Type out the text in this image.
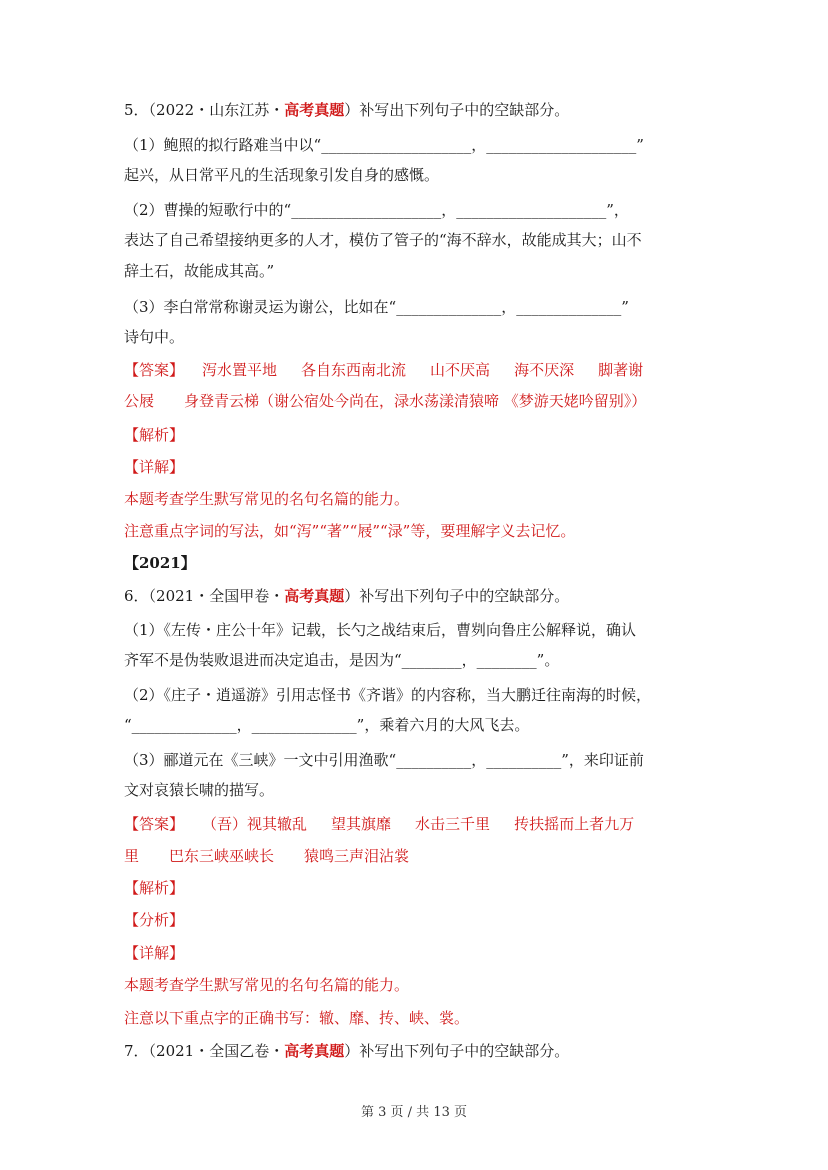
5．（2022・山东江苏・高考真题）补写出下列句子中的空缺部分。
（1）鲍照的拟行路难当中以“____________________，____________________”
起兴，从日常平凡的生活现象引发自身的感慨。
（2）曹操的短歌行中的“____________________，____________________”，
表达了自己希望接纳更多的人才，模仿了管子的“海不辞水，故能成其大；山不
辞土石，故能成其高。”
（3）李白常常称谢灵运为谢公，比如在“______________，______________”
诗句中。
【答案】 泻水置平地 各自东西南北流 山不厌高 海不厌深 脚著谢
公屐　　身登青云梯（谢公宿处今尚在，渌水荡漾清猿啼 《梦游天姥吟留别》）
【解析】
【详解】
本题考查学生默写常见的名句名篇的能力。
注意重点字词的写法，如“泻”“著”“屐”“渌”等，要理解字义去记忆。
【2021】
6．（2021・全国甲卷・高考真题）补写出下列句子中的空缺部分。
（1）《左传・庄公十年》记载，长勺之战结束后，曹刿向鲁庄公解释说，确认
齐军不是伪装败退进而决定追击，是因为“________，________”。
（2）《庄子・逍遥游》引用志怪书《齐谐》的内容称，当大鹏迁往南海的时候，
“______________，______________”，乘着六月的大风飞去。
（3）郦道元在《三峡》一文中引用渔歌“__________，__________”，来印证前
文对哀猿长啸的描写。
【答案】 （吾）视其辙乱 望其旗靡 水击三千里 抟扶摇而上者九万
里　　巴东三峡巫峡长　　猿鸣三声泪沾裳
【解析】
【分析】
【详解】
本题考查学生默写常见的名句名篇的能力。
注意以下重点字的正确书写：辙、靡、抟、峡、裳。
7．（2021・全国乙卷・高考真题）补写出下列句子中的空缺部分。
第 3 页 / 共 13 页
